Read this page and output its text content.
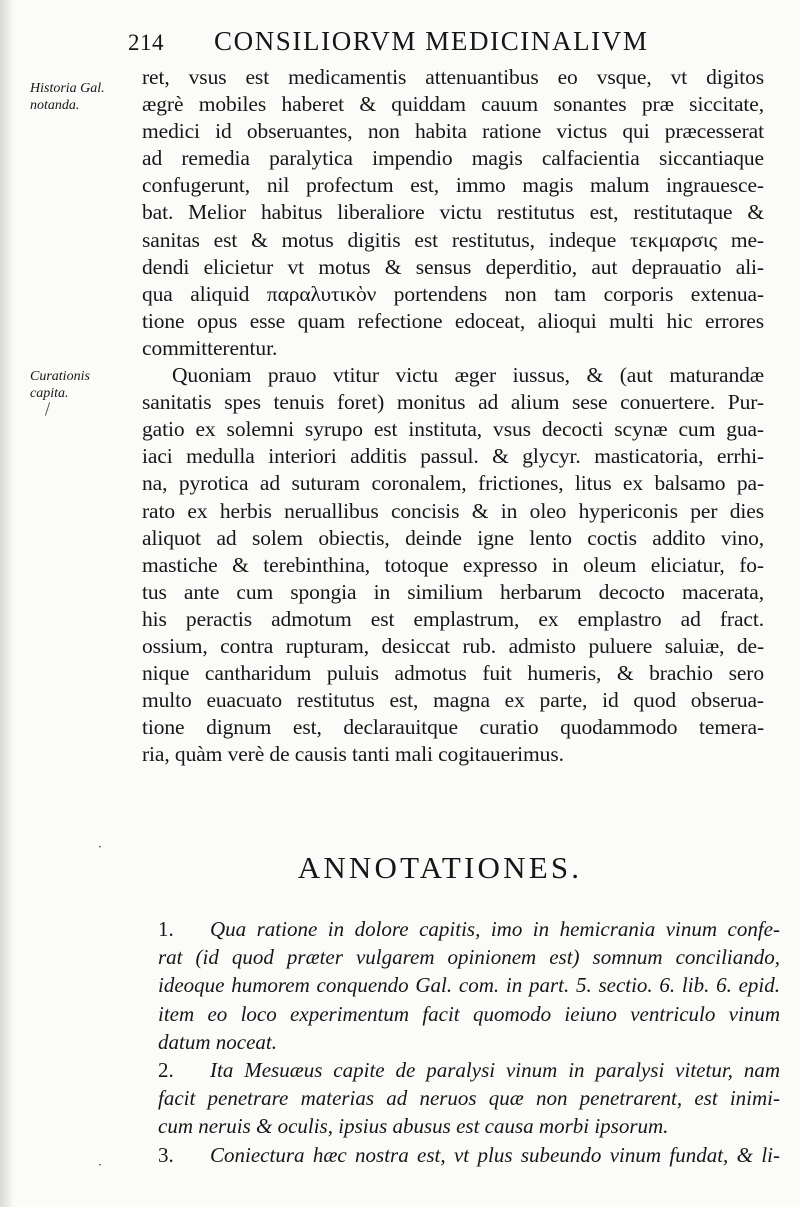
214 CONSILIORVM MEDICINALIVM
Historia Gal.
notanda.
Curationis
capita.
ret, vsus est medicamentis attenuantibus eo vsque, vt digitos
ægrè mobiles haberet & quiddam cauum sonantes præ siccitate,
medici id obseruantes, non habita ratione victus qui præcesserat
ad remedia paralytica impendio magis calfacientia siccantiaque
confugerunt, nil profectum est, immo magis malum ingrauesce-
bat. Melior habitus liberaliore victu restitutus est, restitutaque &
sanitas est & motus digitis est restitutus, indeque τεκμαρσις me-
dendi elicietur vt motus & sensus deperditio, aut deprauatio ali-
qua aliquid παραλυτικὸν portendens non tam corporis extenua-
tione opus esse quam refectione edoceat, alioqui multi hic errores
committerentur.
Quoniam prauo vtitur victu æger iussus, & (aut maturandæ
sanitatis spes tenuis foret) monitus ad alium sese conuertere. Pur-
gatio ex solemni syrupo est instituta, vsus decocti scynæ cum gua-
iaci medulla interiori additis passul. & glycyr. masticatoria, errhi-
na, pyrotica ad suturam coronalem, frictiones, litus ex balsamo pa-
rato ex herbis neruallibus concisis & in oleo hypericonis per dies
aliquot ad solem obiectis, deinde igne lento coctis addito vino,
mastiche & terebinthina, totoque expresso in oleum eliciatur, fo-
tus ante cum spongia in similium herbarum decocto macerata,
his peractis admotum est emplastrum, ex emplastro ad fract.
ossium, contra rupturam, desiccat rub. admisto puluere saluiæ, de-
nique cantharidum puluis admotus fuit humeris, & brachio sero
multo euacuato restitutus est, magna ex parte, id quod obserua-
tione dignum est, declarauitque curatio quodammodo temera-
ria, quàm verè de causis tanti mali cogitauerimus.
ANNOTATIONES.
1. Qua ratione in dolore capitis, imo in hemicrania vinum confe-
rat (id quod præter vulgarem opinionem est) somnum conciliando,
ideoque humorem conquendo Gal. com. in part. 5. sectio. 6. lib. 6. epid.
item eo loco experimentum facit quomodo ieiuno ventriculo vinum
datum noceat.
2. Ita Mesuæus capite de paralysi vinum in paralysi vitetur, nam
facit penetrare materias ad neruos quæ non penetrarent, est inimi-
cum neruis & oculis, ipsius abusus est causa morbi ipsorum.
3. Coniectura hæc nostra est, vt plus subeundo vinum fundat, & li-
·
·
